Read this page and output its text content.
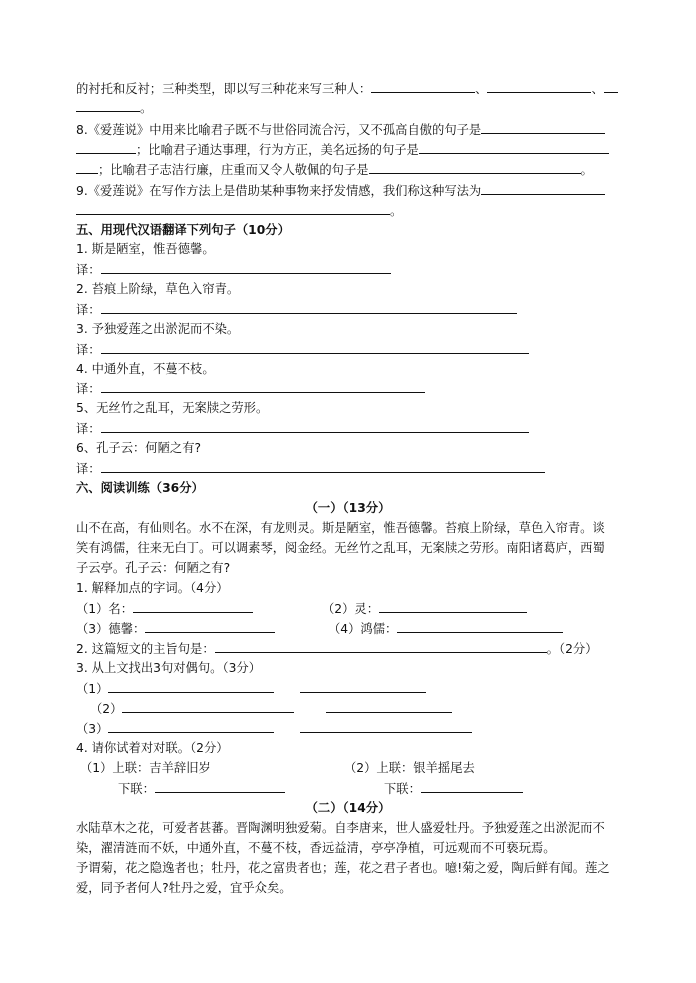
的衬托和反衬；三种类型，即以写三种花来写三种人：	、	、
。
8.《爱莲说》中用来比喻君子既不与世俗同流合污，又不孤高自傲的句子是
；比喻君子通达事理，行为方正，美名远扬的句子是
；比喻君子志洁行廉，庄重而又令人敬佩的句子是	。
9.《爱莲说》在写作方法上是借助某种事物来抒发情感，我们称这种写法为
。
五、用现代汉语翻译下列句子（10分）
1. 斯是陋室，惟吾德馨。
译：
2. 苔痕上阶绿，草色入帘青。
译：
3. 予独爱莲之出淤泥而不染。
译：
4. 中通外直，不蔓不枝。
译：
5、无丝竹之乱耳，无案牍之劳形。
译：
6、孔子云：何陋之有?
译：
六、阅读训练（36分）
（一）（13分）
山不在高，有仙则名。水不在深，有龙则灵。斯是陋室，惟吾德馨。苔痕上阶绿，草色入帘青。谈
笑有鸿儒，往来无白丁。可以调素琴，阅金经。无丝竹之乱耳，无案牍之劳形。南阳诸葛庐，西蜀
子云亭。孔子云：何陋之有?
1. 解释加点的字词。（4分）
（1）名：	（2）灵：
（3）德馨：	（4）鸿儒：
2. 这篇短文的主旨句是：	。（2分）
3. 从上文找出3句对偶句。（3分）
（1）
（2）
（3）
4. 请你试着对对联。（2分）
（1）上联：吉羊辞旧岁	（2）上联：银羊摇尾去
下联：	下联：
（二）（14分）
水陆草木之花，可爱者甚蕃。晋陶渊明独爱菊。自李唐来，世人盛爱牡丹。予独爱莲之出淤泥而不
染，濯清涟而不妖，中通外直，不蔓不枝，香远益清，亭亭净植，可远观而不可亵玩焉。
予谓菊，花之隐逸者也；牡丹，花之富贵者也；莲，花之君子者也。噫!菊之爱，陶后鲜有闻。莲之
爱，同予者何人?牡丹之爱，宜乎众矣。
